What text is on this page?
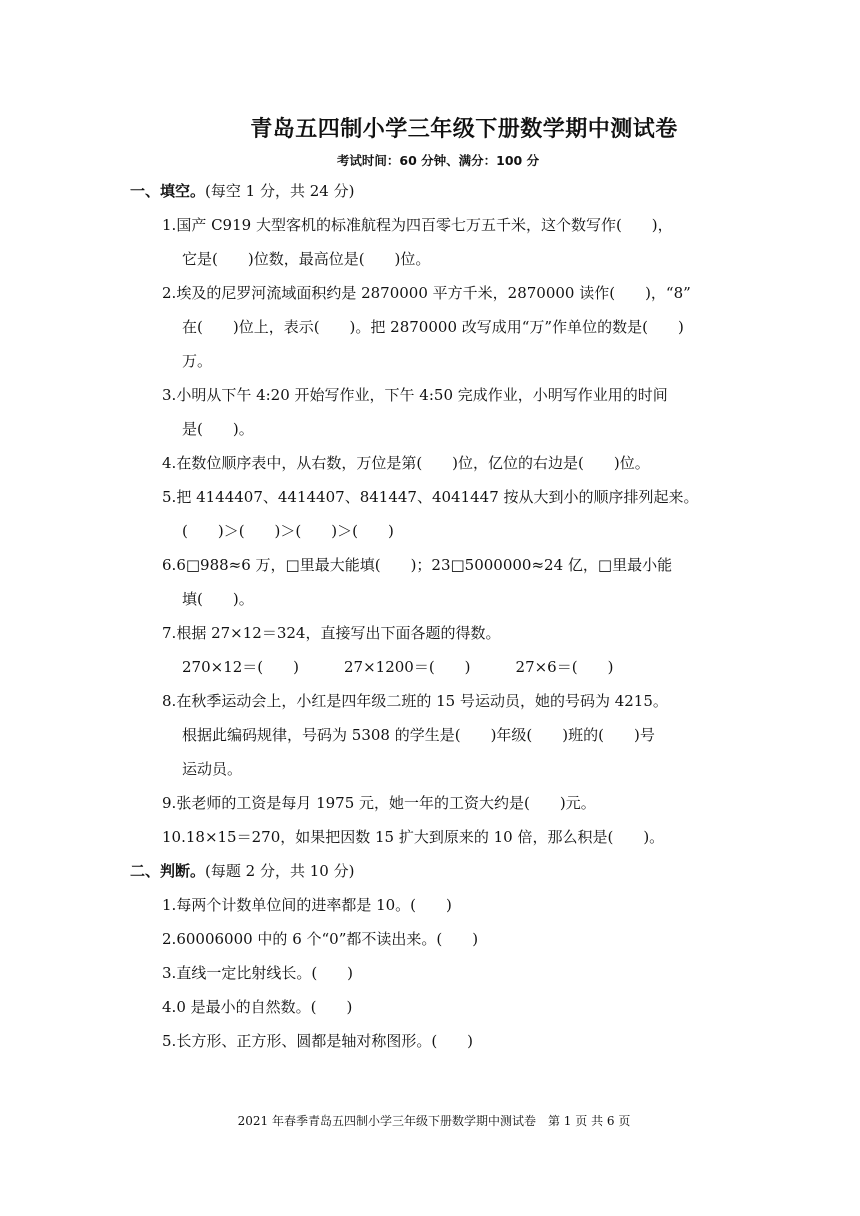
青岛五四制小学三年级下册数学期中测试卷
考试时间：60 分钟、满分：100 分
一、填空。(每空 1 分，共 24 分)
1.国产 C919 大型客机的标准航程为四百零七万五千米，这个数写作(　　)，
它是(　　)位数，最高位是(　　)位。
2.埃及的尼罗河流域面积约是 2870000 平方千米，2870000 读作(　　)，“8”
在(　　)位上，表示(　　)。把 2870000 改写成用“万”作单位的数是(　　)
万。
3.小明从下午 4:20 开始写作业，下午 4:50 完成作业，小明写作业用的时间
是(　　)。
4.在数位顺序表中，从右数，万位是第(　　)位，亿位的右边是(　　)位。
5.把 4144407、4414407、841447、4041447 按从大到小的顺序排列起来。
(　　)＞(　　)＞(　　)＞(　　)
6.6□988≈6 万，□里最大能填(　　)；23□5000000≈24 亿，□里最小能
填(　　)。
7.根据 27×12＝324，直接写出下面各题的得数。
270×12＝(　　)　　　27×1200＝(　　)　　　27×6＝(　　)
8.在秋季运动会上，小红是四年级二班的 15 号运动员，她的号码为 4215。
根据此编码规律，号码为 5308 的学生是(　　)年级(　　)班的(　　)号
运动员。
9.张老师的工资是每月 1975 元，她一年的工资大约是(　　)元。
10.18×15＝270，如果把因数 15 扩大到原来的 10 倍，那么积是(　　)。
二、判断。(每题 2 分，共 10 分)
1.每两个计数单位间的进率都是 10。(　　)
2.60006000 中的 6 个“0”都不读出来。(　　)
3.直线一定比射线长。(　　)
4.0 是最小的自然数。(　　)
5.长方形、正方形、圆都是轴对称图形。(　　)
2021 年春季青岛五四制小学三年级下册数学期中测试卷　第 1 页 共 6 页
